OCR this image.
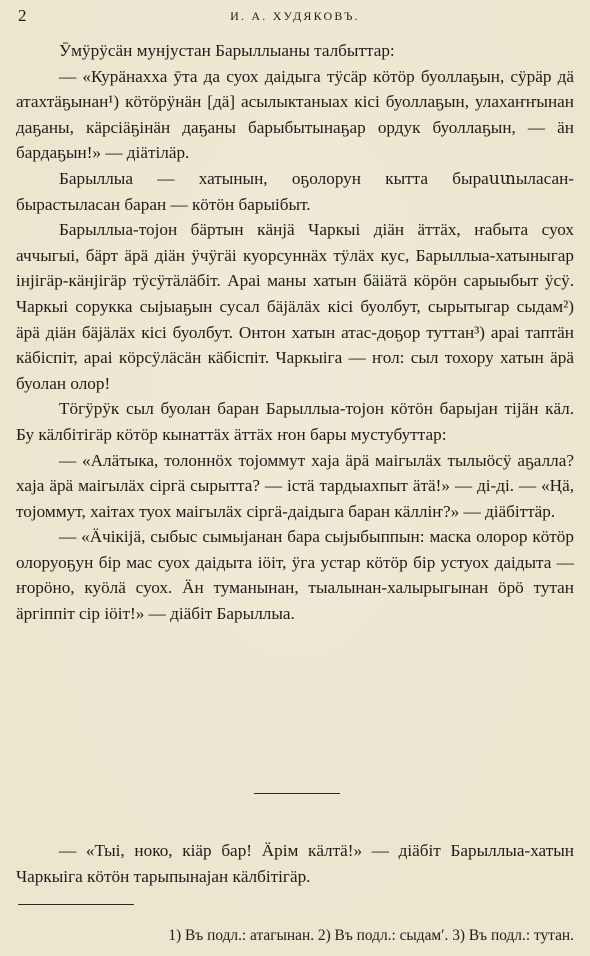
2	И. А. ХУДЯКОВЪ.

Ӯмӱрӱсӓн мунјустан Барыллыаны талбыттар:

— «Курӓнахха ӯта да суох даідыга тӱсӓр кӧтӧр буоллаҕын, сӱрӓр дӓ атахтӓҕынан¹) кӧтӧрӱнӓн [дӓ] асылыктаныах кісі буоллаҕын, улахаҥҥынан даҕаны, кӓрсіӓҕінӓн даҕаны барыбытынаҕар ордук буоллаҕын, — ӓн бардаҕын!» — діӓтілӓр.

Барыллыа — хатынын, оҕолорун кытта быраստыласан-бырастыласан баран — кӧтӧн барыібыт.

Барыллыа-тојон бӓртын кӓнјӓ Чаркыі діӓн ӓттӓх, ҥабыта суох аччыгыі, бӓрт ӓрӓ діӓн ӱчӱгӓі куорсуннӓх тӱлӓх кус, Барыллыа-хатыныгар інјігӓр-кӓнјігӓр тӱсӱтӓлӓбіт. Араі маны хатын бӓіӓтӓ кӧрӧн сарыыбыт ӱсӱ. Чаркыі сорукка сыјыаҕын сусал бӓјӓлӓх кісі буолбут, сырытыгар сыдам²) ӓрӓ діӓн бӓјӓлӓх кісі буолбут. Онтон хатын атас-доҕор туттан³) араі таптӓн кӓбіспіт, араі кӧрсӱлӓсӓн кӓбіспіт. Чаркыіга — ҥол: сыл тохору хатын ӓрӓ буолан олор!

Тӧгӱрӱк сыл буолан баран Барыллыа-тојон кӧтӧн барыјан тіјӓн кӓл. Бу кӓлбітігӓр кӧтӧр кынаттӓх ӓттӓх ҥон бары мустубуттар:

— «Алӓтыка, толоннӧх тојоммут хаја ӓрӓ маігылӓх тылыӧсӱ аҕалла? хаја ӓрӓ маігылӓх сіргӓ сырытта? — істӓ тардыахпыт ӓтӓ!» — ді-ді. — «Ңӓ, тојоммут, хаітах туох маігылӓх сіргӓ-даідыга баран кӓлліҥ?» — діӓбіттӓр.

— «Ӓчікіјӓ, сыбыс сымыјанан бара сыјыбыппын: маска олорор кӧтӧр олоруоҕун бір мас суох даідыта іӧіт, ӱга устар кӧтӧр бір устуох даідыта — ҥорӧно, куӧлӓ суох. Ӓн туманынан, тыалынан-халырыгынан ӧрӧ тутан ӓргіппіт сір іӧіт!» — діӓбіт Барыллыа.

— «Тыі, ноко, кіӓр бар! Ӓрім кӓлтӓ!» — діӓбіт Барыллыа-хатын Чаркыіга кӧтӧн тарыпынајан кӓлбітігӓр.

1) Въ подл.: атагынан. 2) Въ подл.: сыдам′. 3) Въ подл.: тутан.
